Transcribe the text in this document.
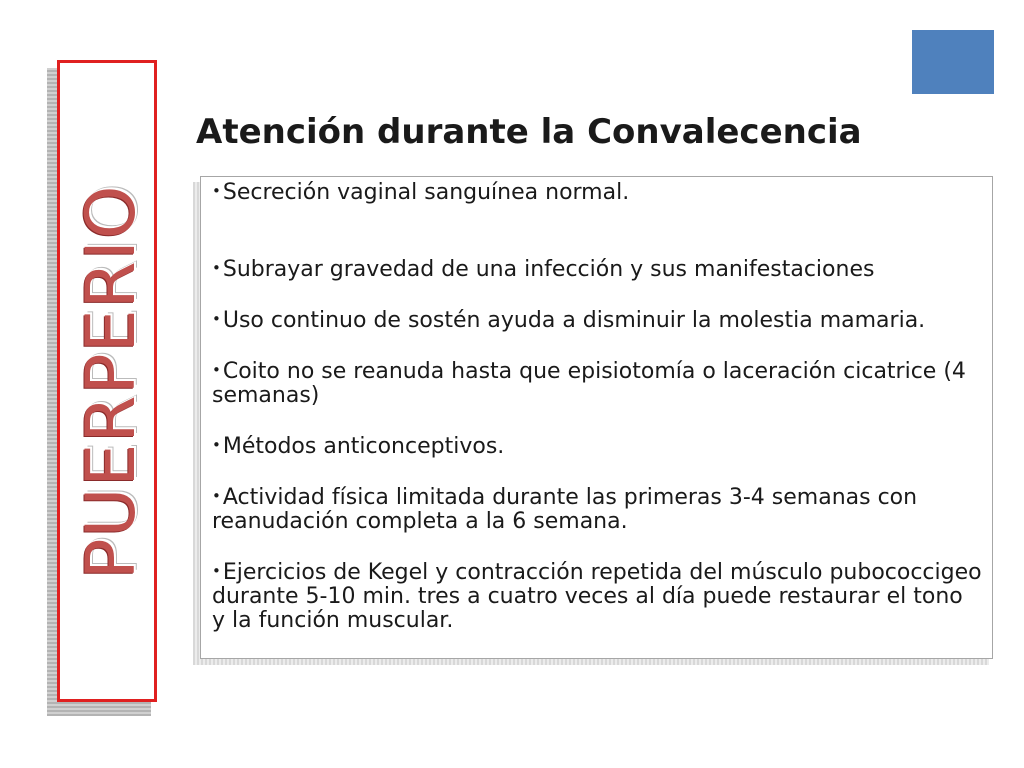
PUERPERIO
Atención durante la Convalecencia
•Secreción vaginal sanguínea normal.
•Subrayar gravedad de una infección y sus manifestaciones
•Uso continuo de sostén ayuda a disminuir la molestia mamaria.
•Coito no se reanuda hasta que episiotomía o laceración cicatrice (4 semanas)
•Métodos anticonceptivos.
•Actividad física limitada durante las primeras 3-4 semanas con reanudación completa a la 6 semana.
•Ejercicios de Kegel y contracción repetida del músculo pubococcigeo durante 5-10 min. tres a cuatro veces al día puede restaurar el tono y la función muscular.
